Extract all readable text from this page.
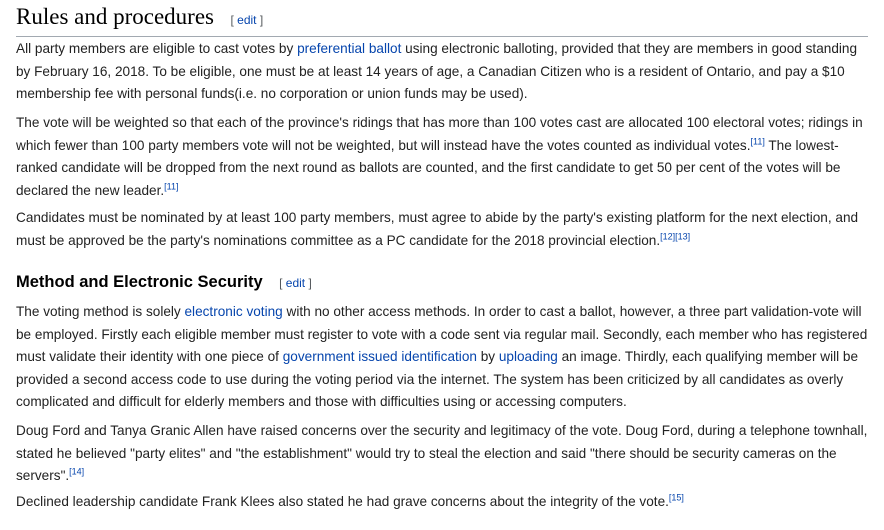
Rules and procedures [ edit ]

All party members are eligible to cast votes by preferential ballot using electronic balloting, provided that they are members in good standing by February 16, 2018. To be eligible, one must be at least 14 years of age, a Canadian Citizen who is a resident of Ontario, and pay a $10 membership fee with personal funds(i.e. no corporation or union funds may be used).

The vote will be weighted so that each of the province's ridings that has more than 100 votes cast are allocated 100 electoral votes; ridings in which fewer than 100 party members vote will not be weighted, but will instead have the votes counted as individual votes.[11] The lowest-ranked candidate will be dropped from the next round as ballots are counted, and the first candidate to get 50 per cent of the votes will be declared the new leader.[11]

Candidates must be nominated by at least 100 party members, must agree to abide by the party's existing platform for the next election, and must be approved be the party's nominations committee as a PC candidate for the 2018 provincial election.[12][13]

Method and Electronic Security [ edit ]

The voting method is solely electronic voting with no other access methods. In order to cast a ballot, however, a three part validation-vote will be employed. Firstly each eligible member must register to vote with a code sent via regular mail. Secondly, each member who has registered must validate their identity with one piece of government issued identification by uploading an image. Thirdly, each qualifying member will be provided a second access code to use during the voting period via the internet. The system has been criticized by all candidates as overly complicated and difficult for elderly members and those with difficulties using or accessing computers.

Doug Ford and Tanya Granic Allen have raised concerns over the security and legitimacy of the vote. Doug Ford, during a telephone townhall, stated he believed "party elites" and "the establishment" would try to steal the election and said "there should be security cameras on the servers".[14]

Declined leadership candidate Frank Klees also stated he had grave concerns about the integrity of the vote.[15]
